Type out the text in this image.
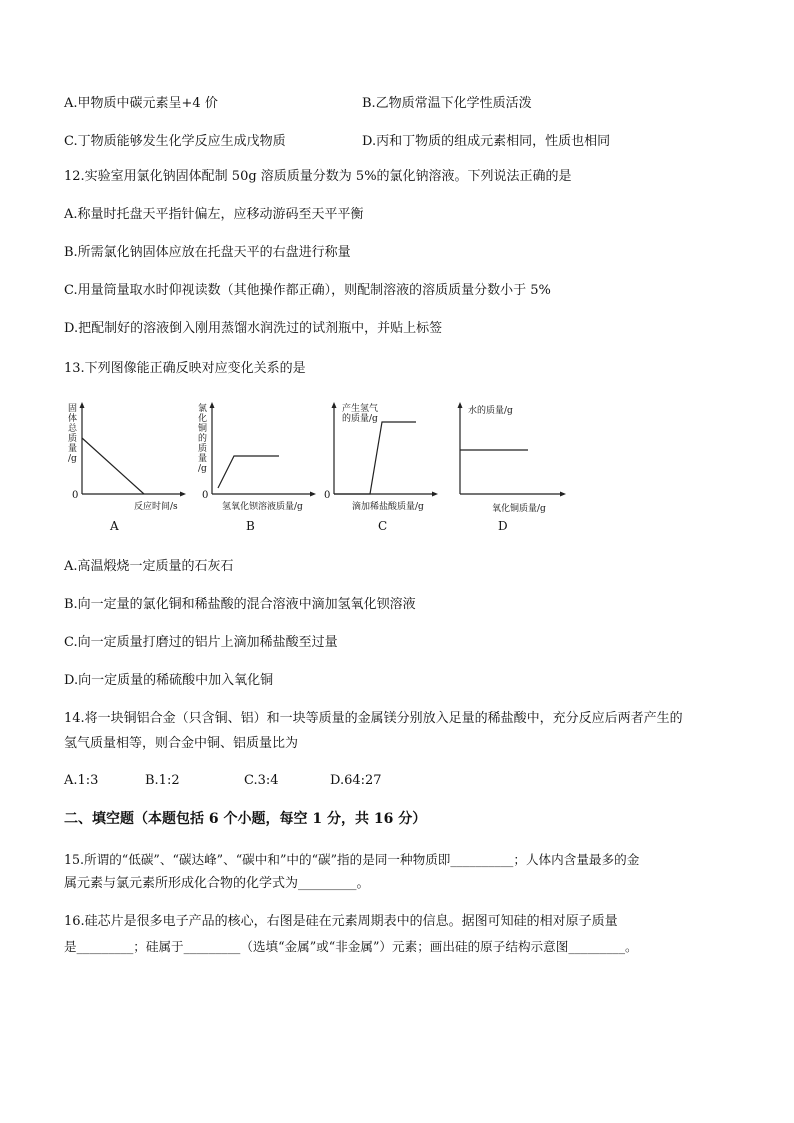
A.甲物质中碳元素呈+4 价	B.乙物质常温下化学性质活泼
C.丁物质能够发生化学反应生成戊物质	D.丙和丁物质的组成元素相同，性质也相同
12.实验室用氯化钠固体配制 50g 溶质质量分数为 5%的氯化钠溶液。下列说法正确的是
A.称量时托盘天平指针偏左，应移动游码至天平平衡
B.所需氯化钠固体应放在托盘天平的右盘进行称量
C.用量筒量取水时仰视读数（其他操作都正确），则配制溶液的溶质质量分数小于 5%
D.把配制好的溶液倒入刚用蒸馏水润洗过的试剂瓶中，并贴上标签
13.下列图像能正确反映对应变化关系的是
固
体
总
质
量
/g
0
反应时间/s
A
氯
化
铜
的
质
量
/g
0
氢氧化钡溶液质量/g
B
产生氢气
的质量/g
0
滴加稀盐酸质量/g
C
水的质量/g
氧化铜质量/g
D
A.高温煅烧一定质量的石灰石
B.向一定量的氯化铜和稀盐酸的混合溶液中滴加氢氧化钡溶液
C.向一定质量打磨过的铝片上滴加稀盐酸至过量
D.向一定质量的稀硫酸中加入氧化铜
14.将一块铜铝合金（只含铜、铝）和一块等质量的金属镁分别放入足量的稀盐酸中，充分反应后两者产生的
氢气质量相等，则合金中铜、铝质量比为
A.1:3	B.1:2	C.3:4	D.64:27
二、填空题（本题包括 6 个小题，每空 1 分，共 16 分）
15.所谓的“低碳”、“碳达峰”、“碳中和”中的“碳”指的是同一种物质即__________；人体内含量最多的金
属元素与氯元素所形成化合物的化学式为_________。
16.硅芯片是很多电子产品的核心，右图是硅在元素周期表中的信息。据图可知硅的相对原子质量
是_________；硅属于_________（选填“金属”或“非金属”）元素；画出硅的原子结构示意图_________。
